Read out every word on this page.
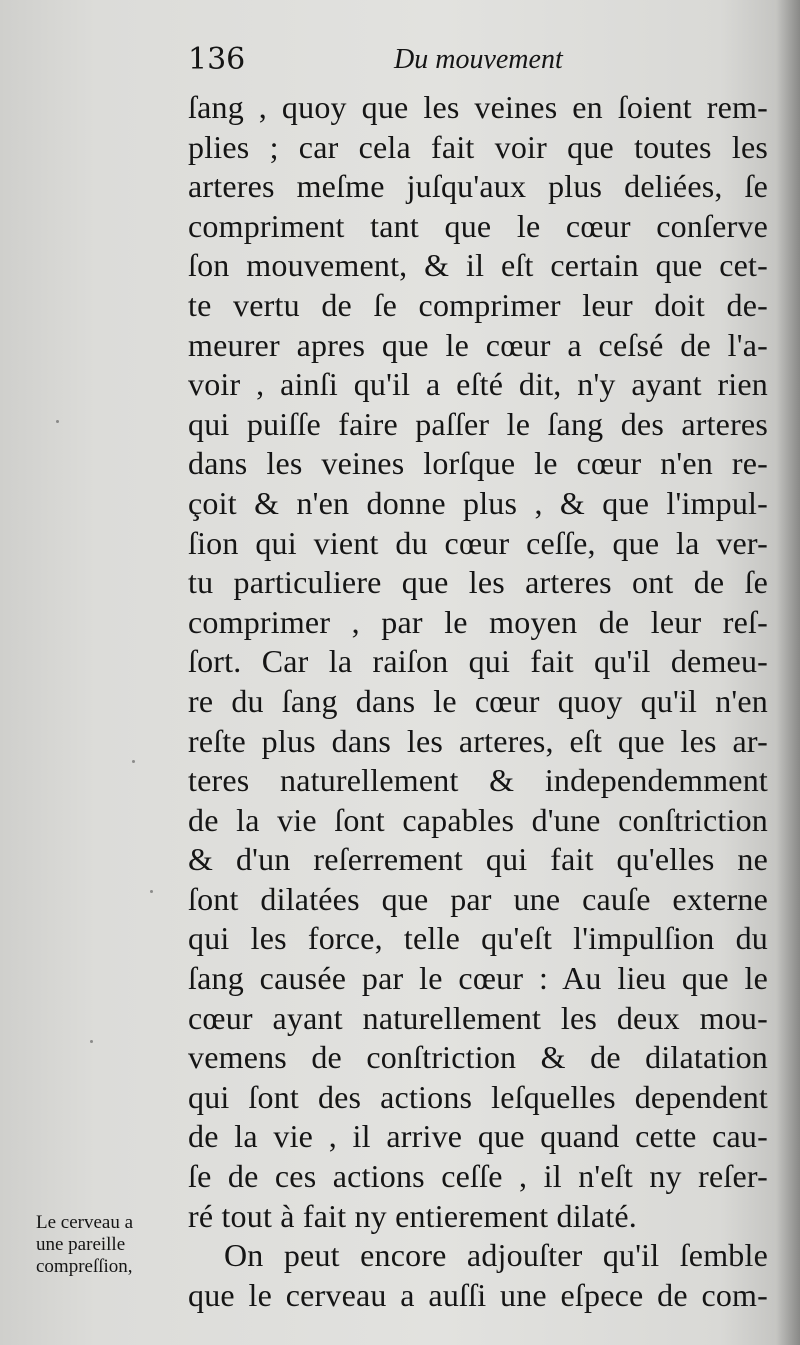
136	Du mouvement
ſang , quoy que les veines en ſoient rem-
plies ; car cela fait voir que toutes les
arteres meſme juſqu'aux plus deliées, ſe
compriment tant que le cœur conſerve
ſon mouvement, & il eſt certain que cet-
te vertu de ſe comprimer leur doit de-
meurer apres que le cœur a ceſsé de l'a-
voir , ainſi qu'il a eſté dit, n'y ayant rien
qui puiſſe faire paſſer le ſang des arteres
dans les veines lorſque le cœur n'en re-
çoit & n'en donne plus , & que l'impul-
ſion qui vient du cœur ceſſe, que la ver-
tu particuliere que les arteres ont de ſe
comprimer , par le moyen de leur reſ-
ſort. Car la raiſon qui fait qu'il demeu-
re du ſang dans le cœur quoy qu'il n'en
reſte plus dans les arteres, eſt que les ar-
teres naturellement & independemment
de la vie ſont capables d'une conſtriction
& d'un reſerrement qui fait qu'elles ne
ſont dilatées que par une cauſe externe
qui les force, telle qu'eſt l'impulſion du
ſang causée par le cœur : Au lieu que le
cœur ayant naturellement les deux mou-
vemens de conſtriction & de dilatation
qui ſont des actions leſquelles dependent
de la vie , il arrive que quand cette cau-
ſe de ces actions ceſſe , il n'eſt ny reſer-
ré tout à fait ny entierement dilaté.
On peut encore adjouſter qu'il ſemble
que le cerveau a auſſi une eſpece de com-
Le cerveau a
une pareille
compreſſion,
